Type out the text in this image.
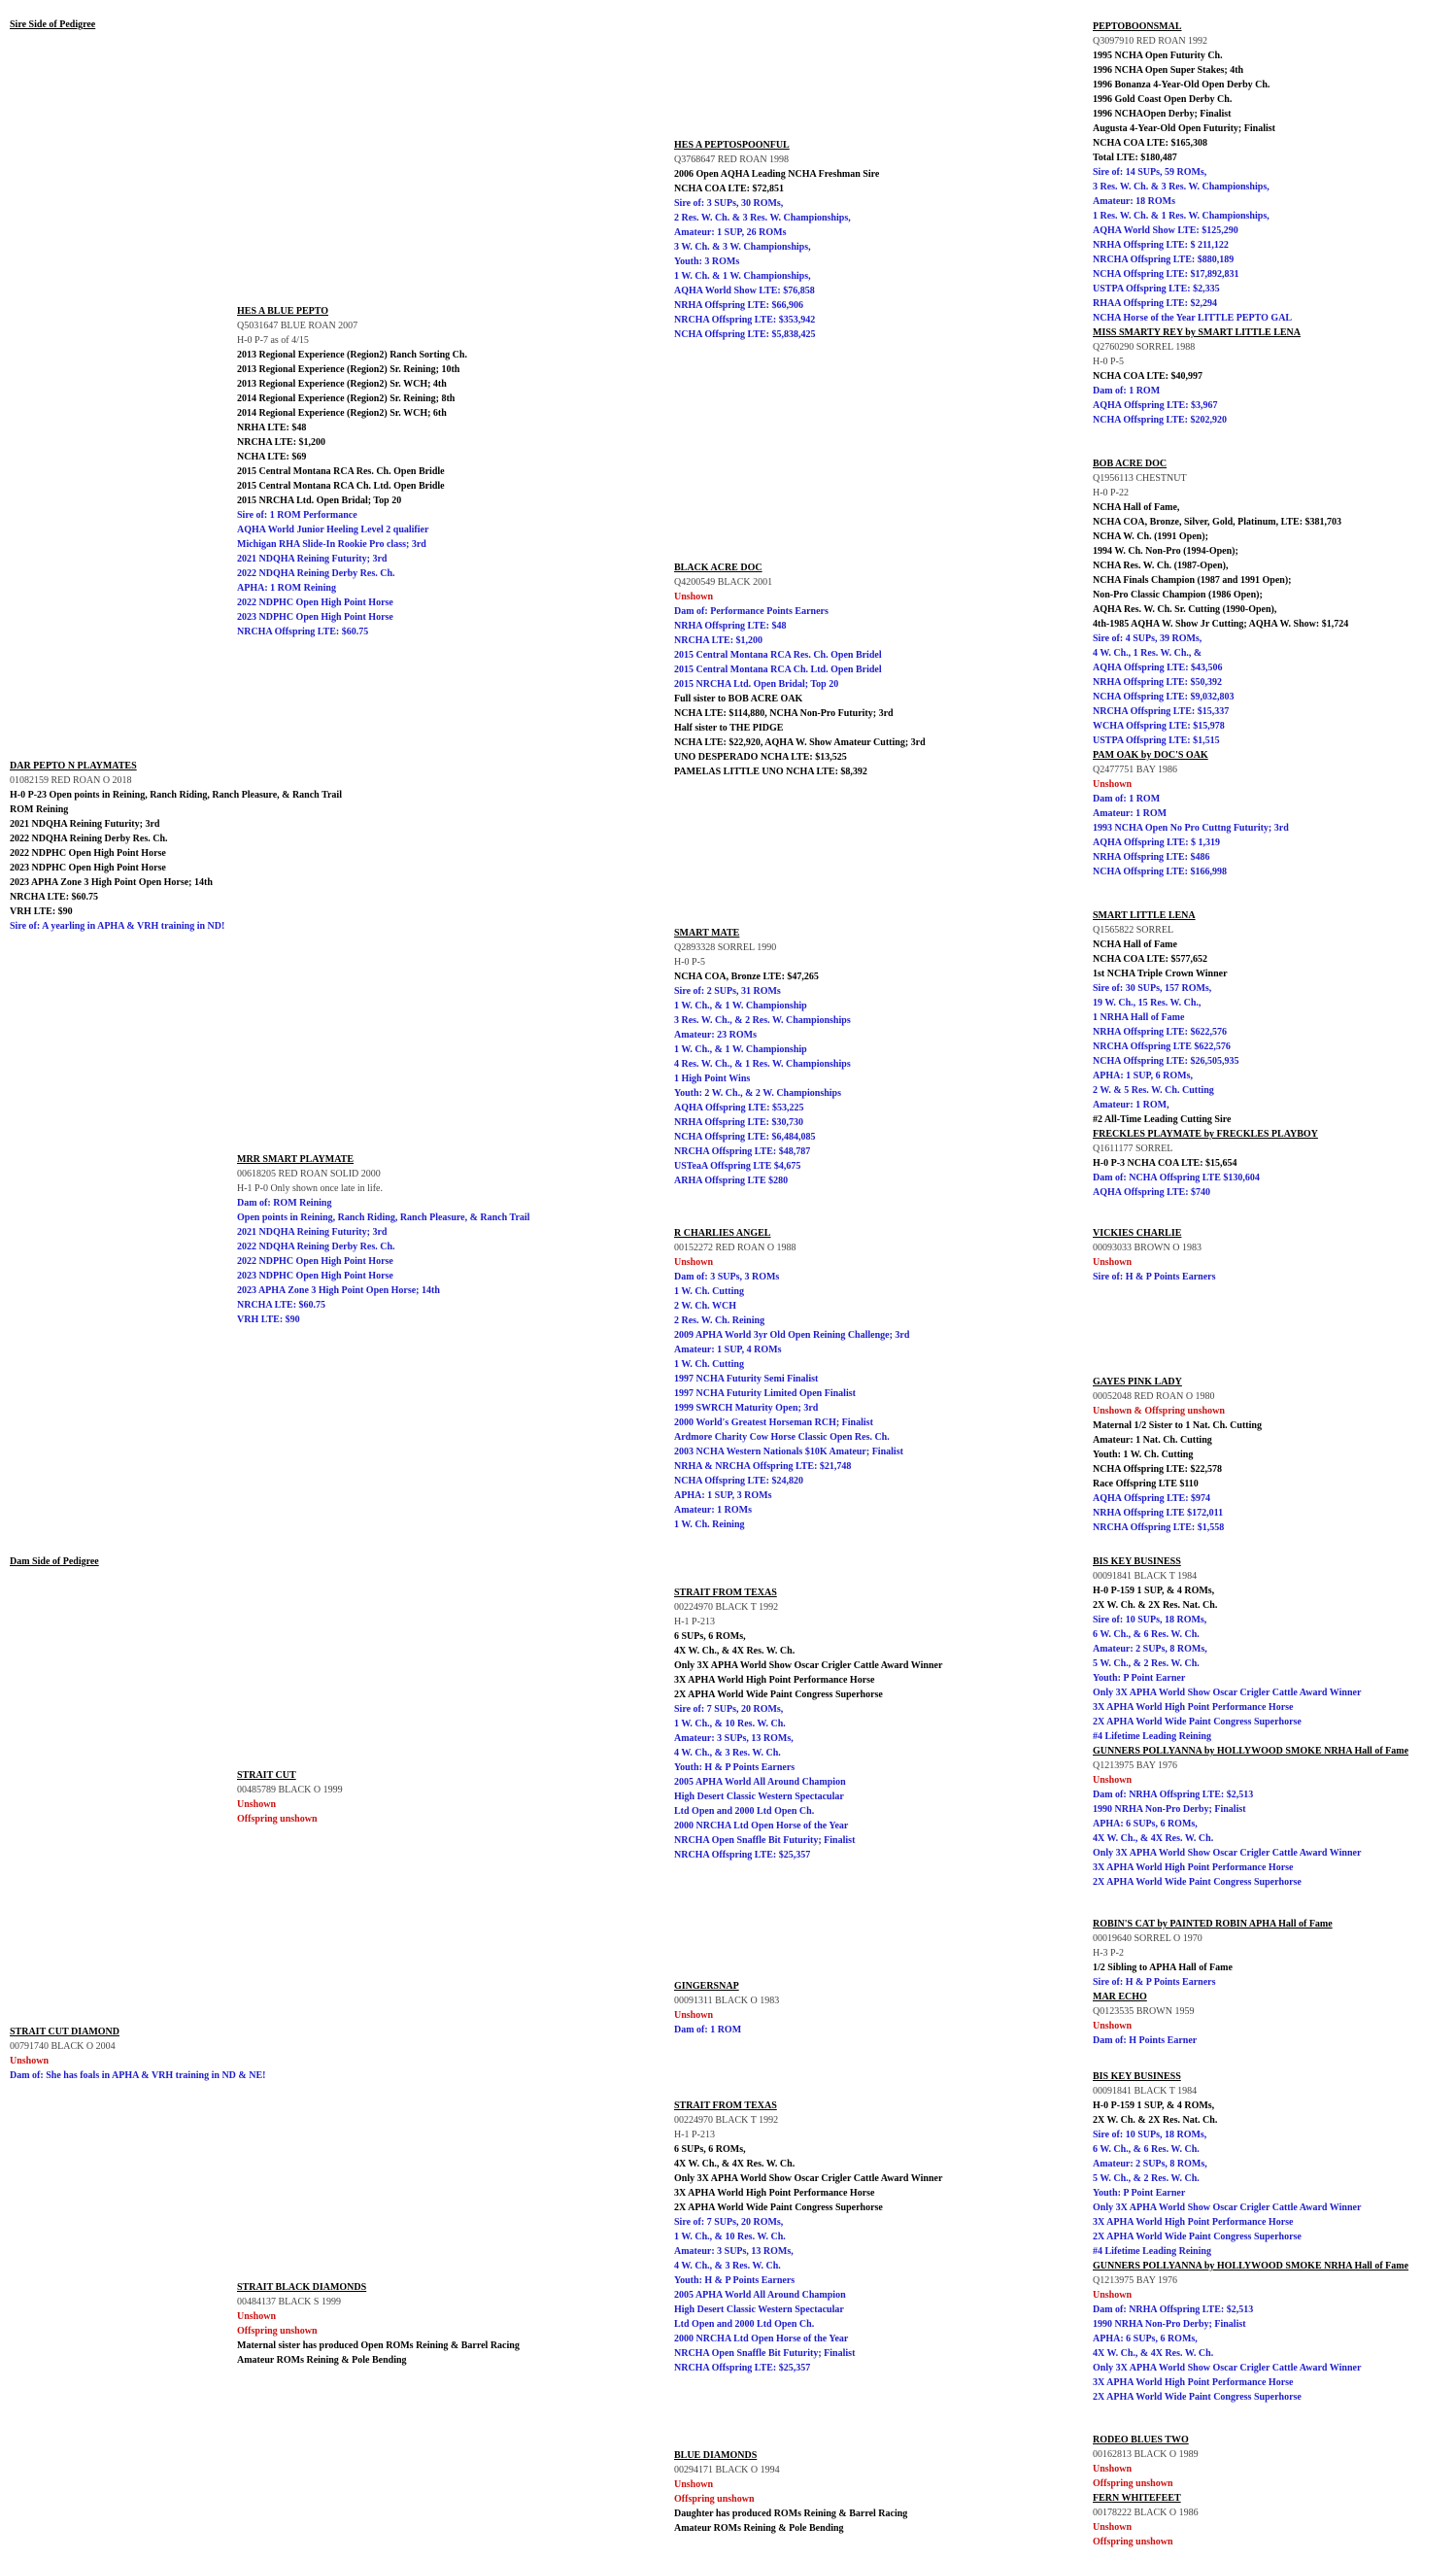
Sire Side of Pedigree	PEPTOBOONSMAL
Q3097910 RED ROAN 1992
1995 NCHA Open Futurity Ch.
1996 NCHA Open Super Stakes; 4th
1996 Bonanza 4-Year-Old Open Derby Ch.
1996 Gold Coast Open Derby Ch.
1996 NCHAOpen Derby; Finalist
Augusta 4-Year-Old Open Futurity; Finalist
NCHA COA LTE: $165,308
Total LTE: $180,487
Sire of: 14 SUPs, 59 ROMs,
3 Res. W. Ch. & 3 Res. W. Championships,
Amateur: 18 ROMs
1 Res. W. Ch. & 1 Res. W. Championships,
AQHA World Show LTE: $125,290
NRHA Offspring LTE: $ 211,122
NRCHA Offspring LTE: $880,189
NCHA Offspring LTE: $17,892,831
USTPA Offspring LTE: $2,335
RHAA Offspring LTE: $2,294
NCHA Horse of the Year LITTLE PEPTO GAL
MISS SMARTY REY by SMART LITTLE LENA
Q2760290 SORREL 1988
H-0 P-5
NCHA COA LTE: $40,997
Dam of: 1 ROM
AQHA Offspring LTE: $3,967
NCHA Offspring LTE: $202,920
HES A PEPTOSPOONFUL
Q3768647 RED ROAN 1998
2006 Open AQHA Leading NCHA Freshman Sire
NCHA COA LTE: $72,851
Sire of: 3 SUPs, 30 ROMs,
2 Res. W. Ch. & 3 Res. W. Championships,
Amateur: 1 SUP, 26 ROMs
3 W. Ch. & 3 W. Championships,
Youth: 3 ROMs
1 W. Ch. & 1 W. Championships,
AQHA World Show LTE: $76,858
NRHA Offspring LTE: $66,906
NRCHA Offspring LTE: $353,942
NCHA Offspring LTE: $5,838,425
HES A BLUE PEPTO
Q5031647 BLUE ROAN 2007
H-0 P-7 as of 4/15
2013 Regional Experience (Region2) Ranch Sorting Ch.
2013 Regional Experience (Region2) Sr. Reining; 10th
2013 Regional Experience (Region2) Sr. WCH; 4th
2014 Regional Experience (Region2) Sr. Reining; 8th
2014 Regional Experience (Region2) Sr. WCH; 6th
NRHA LTE: $48
NRCHA LTE: $1,200
NCHA LTE: $69
2015 Central Montana RCA Res. Ch. Open Bridle
2015 Central Montana RCA Ch. Ltd. Open Bridle
2015 NRCHA Ltd. Open Bridal; Top 20
Sire of: 1 ROM Performance
AQHA World Junior Heeling Level 2 qualifier
Michigan RHA Slide-In Rookie Pro class; 3rd
2021 NDQHA Reining Futurity; 3rd
2022 NDQHA Reining Derby Res. Ch.
APHA: 1 ROM Reining
2022 NDPHC Open High Point Horse
2023 NDPHC Open High Point Horse
NRCHA Offspring LTE: $60.75
BOB ACRE DOC
Q1956113 CHESTNUT
H-0 P-22
NCHA Hall of Fame,
NCHA COA, Bronze, Silver, Gold, Platinum, LTE: $381,703
NCHA W. Ch. (1991 Open);
1994 W. Ch. Non-Pro (1994-Open);
NCHA Res. W. Ch. (1987-Open),
NCHA Finals Champion (1987 and 1991 Open);
Non-Pro Classic Champion (1986 Open);
AQHA Res. W. Ch. Sr. Cutting (1990-Open),
4th-1985 AQHA W. Show Jr Cutting; AQHA W. Show: $1,724
Sire of: 4 SUPs, 39 ROMs,
4 W. Ch., 1 Res. W. Ch., &
AQHA Offspring LTE: $43,506
NRHA Offspring LTE: $50,392
NCHA Offspring LTE: $9,032,803
NRCHA Offspring LTE: $15,337
WCHA Offspring LTE: $15,978
USTPA Offspring LTE: $1,515
PAM OAK by DOC'S OAK
Q2477751 BAY 1986
Unshown
Dam of: 1 ROM
Amateur: 1 ROM
1993 NCHA Open No Pro Cuttng Futurity; 3rd
AQHA Offspring LTE: $ 1,319
NRHA Offspring LTE: $486
NCHA Offspring LTE: $166,998
BLACK ACRE DOC
Q4200549 BLACK 2001
Unshown
Dam of: Performance Points Earners
NRHA Offspring LTE: $48
NRCHA LTE: $1,200
2015 Central Montana RCA Res. Ch. Open Bridel
2015 Central Montana RCA Ch. Ltd. Open Bridel
2015 NRCHA Ltd. Open Bridal; Top 20
Full sister to BOB ACRE OAK
NCHA LTE: $114,880, NCHA Non-Pro Futurity; 3rd
Half sister to THE PIDGE
NCHA LTE: $22,920, AQHA W. Show Amateur Cutting; 3rd
UNO DESPERADO NCHA LTE: $13,525
PAMELAS LITTLE UNO NCHA LTE: $8,392
DAR PEPTO N PLAYMATES
01082159 RED ROAN O 2018
H-0 P-23 Open points in Reining, Ranch Riding, Ranch Pleasure, & Ranch Trail
ROM Reining
2021 NDQHA Reining Futurity; 3rd
2022 NDQHA Reining Derby Res. Ch.
2022 NDPHC Open High Point Horse
2023 NDPHC Open High Point Horse
2023 APHA Zone 3 High Point Open Horse; 14th
NRCHA LTE: $60.75
VRH LTE: $90
Sire of: A yearling in APHA & VRH training in ND!
SMART LITTLE LENA
Q1565822 SORREL
NCHA Hall of Fame
NCHA COA LTE: $577,652
1st NCHA Triple Crown Winner
Sire of: 30 SUPs, 157 ROMs,
19 W. Ch., 15 Res. W. Ch.,
1 NRHA Hall of Fame
NRHA Offspring LTE: $622,576
NRCHA Offspring LTE $622,576
NCHA Offspring LTE: $26,505,935
APHA: 1 SUP, 6 ROMs,
2 W. & 5 Res. W. Ch. Cutting
Amateur: 1 ROM,
#2 All-Time Leading Cutting Sire
FRECKLES PLAYMATE by FRECKLES PLAYBOY
Q1611177 SORREL
H-0 P-3 NCHA COA LTE: $15,654
Dam of: NCHA Offspring LTE $130,604
AQHA Offspring LTE: $740
SMART MATE
Q2893328 SORREL 1990
H-0 P-5
NCHA COA, Bronze LTE: $47,265
Sire of: 2 SUPs, 31 ROMs
1 W. Ch., & 1 W. Championship
3 Res. W. Ch., & 2 Res. W. Championships
Amateur: 23 ROMs
1 W. Ch., & 1 W. Championship
4 Res. W. Ch., & 1 Res. W. Championships
1 High Point Wins
Youth: 2 W. Ch., & 2 W. Championships
AQHA Offspring LTE: $53,225
NRHA Offspring LTE: $30,730
NCHA Offspring LTE: $6,484,085
NRCHA Offspring LTE: $48,787
USTeaA Offspring LTE $4,675
ARHA Offspring LTE $280
MRR SMART PLAYMATE
00618205 RED ROAN SOLID 2000
H-1 P-0 Only shown once late in life.
Dam of: ROM Reining
Open points in Reining, Ranch Riding, Ranch Pleasure, & Ranch Trail
2021 NDQHA Reining Futurity; 3rd
2022 NDQHA Reining Derby Res. Ch.
2022 NDPHC Open High Point Horse
2023 NDPHC Open High Point Horse
2023 APHA Zone 3 High Point Open Horse; 14th
NRCHA LTE: $60.75
VRH LTE: $90
VICKIES CHARLIE
00093033 BROWN O 1983
Unshown
Sire of: H & P Points Earners
R CHARLIES ANGEL
00152272 RED ROAN O 1988
Unshown
Dam of: 3 SUPs, 3 ROMs
1 W. Ch. Cutting
2 W. Ch. WCH
2 Res. W. Ch. Reining
2009 APHA World 3yr Old Open Reining Challenge; 3rd
Amateur: 1 SUP, 4 ROMs
1 W. Ch. Cutting
1997 NCHA Futurity Semi Finalist
1997 NCHA Futurity Limited Open Finalist
1999 SWRCH Maturity Open; 3rd
2000 World's Greatest Horseman RCH; Finalist
Ardmore Charity Cow Horse Classic Open Res. Ch.
2003 NCHA Western Nationals $10K Amateur; Finalist
NRHA & NRCHA Offspring LTE: $21,748
NCHA Offspring LTE: $24,820
APHA: 1 SUP, 3 ROMs
Amateur: 1 ROMs
1 W. Ch. Reining
GAYES PINK LADY
00052048 RED ROAN O 1980
Unshown & Offspring unshown
Maternal 1/2 Sister to 1 Nat. Ch. Cutting
Amateur: 1 Nat. Ch. Cutting
Youth: 1 W. Ch. Cutting
NCHA Offspring LTE: $22,578
Race Offspring LTE $110
AQHA Offspring LTE: $974
NRHA Offspring LTE $172,011
NRCHA Offspring LTE: $1,558
Dam Side of Pedigree	BIS KEY BUSINESS
00091841 BLACK T 1984
H-0 P-159 1 SUP, & 4 ROMs,
2X W. Ch. & 2X Res. Nat. Ch.
Sire of: 10 SUPs, 18 ROMs,
6 W. Ch., & 6 Res. W. Ch.
Amateur: 2 SUPs, 8 ROMs,
5 W. Ch., & 2 Res. W. Ch.
Youth: P Point Earner
Only 3X APHA World Show Oscar Crigler Cattle Award Winner
3X APHA World High Point Performance Horse
2X APHA World Wide Paint Congress Superhorse
#4 Lifetime Leading Reining
GUNNERS POLLYANNA by HOLLYWOOD SMOKE NRHA Hall of Fame
Q1213975 BAY 1976
Unshown
Dam of: NRHA Offspring LTE: $2,513
1990 NRHA Non-Pro Derby; Finalist
APHA: 6 SUPs, 6 ROMs,
4X W. Ch., & 4X Res. W. Ch.
Only 3X APHA World Show Oscar Crigler Cattle Award Winner
3X APHA World High Point Performance Horse
2X APHA World Wide Paint Congress Superhorse
STRAIT FROM TEXAS
00224970 BLACK T 1992
H-1 P-213
6 SUPs, 6 ROMs,
4X W. Ch., & 4X Res. W. Ch.
Only 3X APHA World Show Oscar Crigler Cattle Award Winner
3X APHA World High Point Performance Horse
2X APHA World Wide Paint Congress Superhorse
Sire of: 7 SUPs, 20 ROMs,
1 W. Ch., & 10 Res. W. Ch.
Amateur: 3 SUPs, 13 ROMs,
4 W. Ch., & 3 Res. W. Ch.
Youth: H & P Points Earners
2005 APHA World All Around Champion
High Desert Classic Western Spectacular
Ltd Open and 2000 Ltd Open Ch.
2000 NRCHA Ltd Open Horse of the Year
NRCHA Open Snaffle Bit Futurity; Finalist
NRCHA Offspring LTE: $25,357
STRAIT CUT
00485789 BLACK O 1999
Unshown
Offspring unshown
ROBIN'S CAT by PAINTED ROBIN APHA Hall of Fame
00019640 SORREL O 1970
H-3 P-2
1/2 Sibling to APHA Hall of Fame
Sire of: H & P Points Earners
MAR ECHO
Q0123535 BROWN 1959
Unshown
Dam of: H Points Earner
GINGERSNAP
00091311 BLACK O 1983
Unshown
Dam of: 1 ROM
STRAIT CUT DIAMOND
00791740 BLACK O 2004
Unshown
Dam of: She has foals in APHA & VRH training in ND & NE!	BIS KEY BUSINESS
00091841 BLACK T 1984
H-0 P-159 1 SUP, & 4 ROMs,
2X W. Ch. & 2X Res. Nat. Ch.
Sire of: 10 SUPs, 18 ROMs,
6 W. Ch., & 6 Res. W. Ch.
Amateur: 2 SUPs, 8 ROMs,
5 W. Ch., & 2 Res. W. Ch.
Youth: P Point Earner
Only 3X APHA World Show Oscar Crigler Cattle Award Winner
3X APHA World High Point Performance Horse
2X APHA World Wide Paint Congress Superhorse
#4 Lifetime Leading Reining
GUNNERS POLLYANNA by HOLLYWOOD SMOKE NRHA Hall of Fame
Q1213975 BAY 1976
Unshown
Dam of: NRHA Offspring LTE: $2,513
1990 NRHA Non-Pro Derby; Finalist
APHA: 6 SUPs, 6 ROMs,
4X W. Ch., & 4X Res. W. Ch.
Only 3X APHA World Show Oscar Crigler Cattle Award Winner
3X APHA World High Point Performance Horse
2X APHA World Wide Paint Congress Superhorse
STRAIT FROM TEXAS
00224970 BLACK T 1992
H-1 P-213
6 SUPs, 6 ROMs,
4X W. Ch., & 4X Res. W. Ch.
Only 3X APHA World Show Oscar Crigler Cattle Award Winner
3X APHA World High Point Performance Horse
2X APHA World Wide Paint Congress Superhorse
Sire of: 7 SUPs, 20 ROMs,
1 W. Ch., & 10 Res. W. Ch.
Amateur: 3 SUPs, 13 ROMs,
4 W. Ch., & 3 Res. W. Ch.
Youth: H & P Points Earners
2005 APHA World All Around Champion
High Desert Classic Western Spectacular
Ltd Open and 2000 Ltd Open Ch.
2000 NRCHA Ltd Open Horse of the Year
NRCHA Open Snaffle Bit Futurity; Finalist
NRCHA Offspring LTE: $25,357
STRAIT BLACK DIAMONDS
00484137 BLACK S 1999
Unshown
Offspring unshown
Maternal sister has produced Open ROMs Reining & Barrel Racing
Amateur ROMs Reining & Pole Bending
RODEO BLUES TWO
00162813 BLACK O 1989
Unshown
Offspring unshown
FERN WHITEFEET
00178222 BLACK O 1986
Unshown
Offspring unshown
BLUE DIAMONDS
00294171 BLACK O 1994
Unshown
Offspring unshown
Daughter has produced ROMs Reining & Barrel Racing
Amateur ROMs Reining & Pole Bending
